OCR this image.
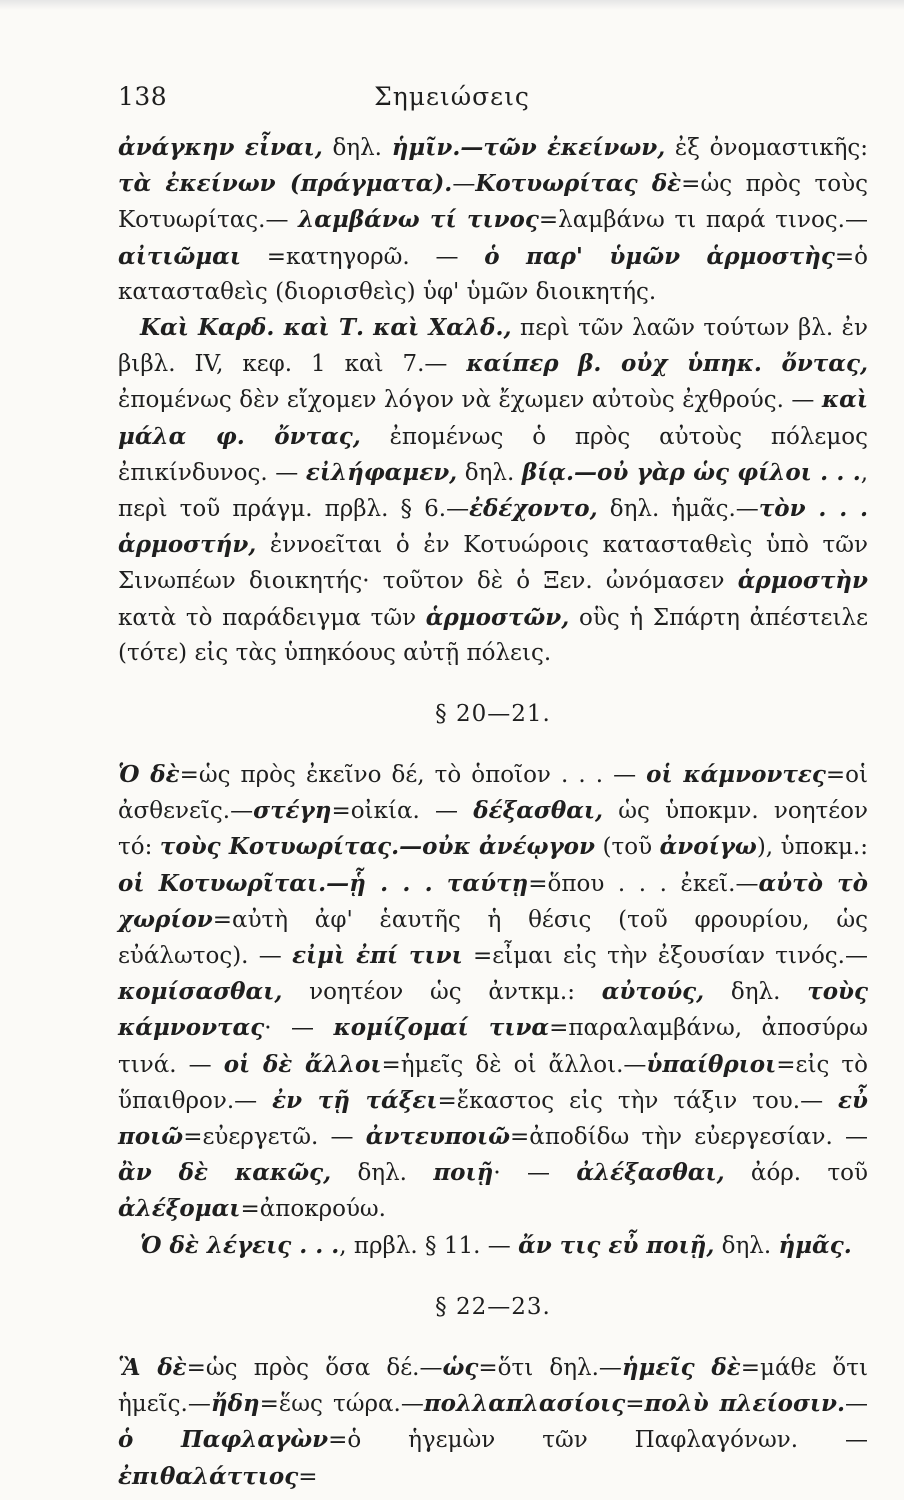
138	Σημειώσεις

ἀνάγκην εἶναι, δηλ. ἡμῖν.—τῶν ἐκείνων, ἐξ ὀνομαστικῆς: τὰ ἐκείνων (πράγματα).—Κοτυωρίτας δὲ=ὡς πρὸς τοὺς Κοτυωρίτας.— λαμβάνω τί τινος=λαμβάνω τι παρά τινος.—αἰτιῶμαι =κατηγορῶ. — ὁ παρ' ὑμῶν ἁρμοστὴς=ὁ κατασταθεὶς (διορισθεὶς) ὑφ' ὑμῶν διοικητής.

Καὶ Καρδ. καὶ Τ. καὶ Χαλδ., περὶ τῶν λαῶν τούτων βλ. ἐν βιβλ. IV, κεφ. 1 καὶ 7.— καίπερ β. οὐχ ὑπηκ. ὄντας, ἐπομένως δὲν εἴχομεν λόγον νὰ ἔχωμεν αὐτοὺς ἐχθρούς. — καὶ μάλα φ. ὄντας, ἐπομένως ὁ πρὸς αὐτοὺς πόλεμος ἐπικίνδυνος. — εἰλήφαμεν, δηλ. βίᾳ.—οὐ γὰρ ὡς φίλοι . . ., περὶ τοῦ πράγμ. πρβλ. § 6.—ἐδέχοντο, δηλ. ἡμᾶς.—τὸν . . . ἁρμοστήν, ἐννοεῖται ὁ ἐν Κοτυώροις κατασταθεὶς ὑπὸ τῶν Σινωπέων διοικητής· τοῦτον δὲ ὁ Ξεν. ὠνόμασεν ἁρμοστὴν κατὰ τὸ παράδειγμα τῶν ἁρμοστῶν, οὓς ἡ Σπάρτη ἀπέστειλε (τότε) εἰς τὰς ὑπηκόους αὐτῇ πόλεις.

§ 20—21.

Ὁ δὲ=ὡς πρὸς ἐκεῖνο δέ, τὸ ὁποῖον . . . — οἱ κάμνοντες=οἱ ἀσθενεῖς.—στέγη=οἰκία. — δέξασθαι, ὡς ὑποκμν. νοητέον τό: τοὺς Κοτυωρίτας.—οὐκ ἀνέῳγον (τοῦ ἀνοίγω), ὑποκμ.: οἱ Κοτυωρῖται.—ᾗ . . . ταύτῃ=ὅπου . . . ἐκεῖ.—αὐτὸ τὸ χωρίον=αὐτὴ ἀφ' ἑαυτῆς ἡ θέσις (τοῦ φρουρίου, ὡς εὐάλωτος). — εἰμὶ ἐπί τινι =εἶμαι εἰς τὴν ἐξουσίαν τινός.—κομίσασθαι, νοητέον ὡς ἀντκμ.: αὐτούς, δηλ. τοὺς κάμνοντας· — κομίζομαί τινα=παραλαμβάνω, ἀποσύρω τινά. — οἱ δὲ ἄλλοι=ἡμεῖς δὲ οἱ ἄλλοι.—ὑπαίθριοι=εἰς τὸ ὕπαιθρον.— ἐν τῇ τάξει=ἕκαστος εἰς τὴν τάξιν του.— εὖ ποιῶ=εὐεργετῶ. — ἀντευποιῶ=ἀποδίδω τὴν εὐεργεσίαν. — ἂν δὲ κακῶς, δηλ. ποιῇ· — ἀλέξασθαι, ἀόρ. τοῦ ἀλέξομαι=ἀποκρούω.

Ὁ δὲ λέγεις . . ., πρβλ. § 11. — ἄν τις εὖ ποιῇ, δηλ. ἡμᾶς.

§ 22—23.

Ἃ δὲ=ὡς πρὸς ὅσα δέ.—ὡς=ὅτι δηλ.—ἡμεῖς δὲ=μάθε ὅτι ἡμεῖς.—ἤδη=ἕως τώρα.—πολλαπλασίοις=πολὺ πλείοσιν.— ὁ Παφλαγὼν=ὁ ἡγεμὼν τῶν Παφλαγόνων. — ἐπιθαλάττιος=
